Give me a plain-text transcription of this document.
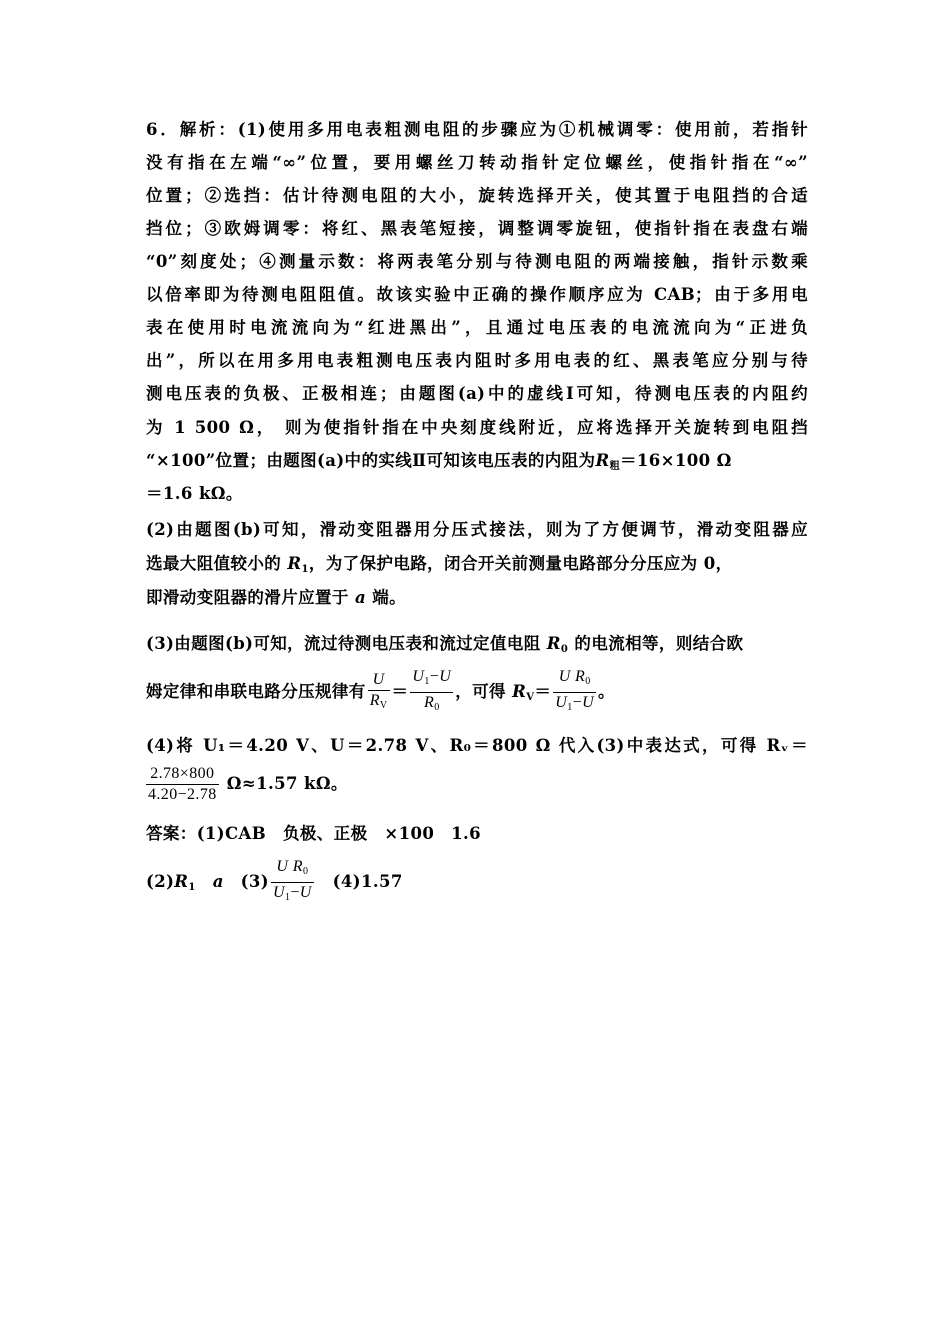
6．解析：(1)使用多用电表粗测电阻的步骤应为①机械调零：使用前，若指针
没有指在左端“∞”位置，要用螺丝刀转动指针定位螺丝，使指针指在“∞”
位置；②选挡：估计待测电阻的大小，旋转选择开关，使其置于电阻挡的合适
挡位；③欧姆调零：将红、黑表笔短接，调整调零旋钮，使指针指在表盘右端
“0”刻度处；④测量示数：将两表笔分别与待测电阻的两端接触，指针示数乘
以倍率即为待测电阻阻值。故该实验中正确的操作顺序应为 CAB；由于多用电
表在使用时电流流向为“红进黑出”，且通过电压表的电流流向为“正进负
出”，所以在用多用电表粗测电压表内阻时多用电表的红、黑表笔应分别与待
测电压表的负极、正极相连；由题图(a)中的虚线Ⅰ可知，待测电压表的内阻约
为 1 500 Ω， 则为使指针指在中央刻度线附近，应将选择开关旋转到电阻挡
“×100”位置；由题图(a)中的实线Ⅱ可知该电压表的内阻为$R_粗=16\times 100$ Ω
＝1.6 kΩ。
(2)由题图(b)可知，滑动变阻器用分压式接法，则为了方便调节，滑动变阻器应
选最大阻值较小的 $R_1$，为了保护电路，闭合开关前测量电路部分分压应为 0，
即滑动变阻器的滑片应置于 a 端。
(3)由题图(b)可知，流过待测电压表和流过定值电阻 $R_0$ 的电流相等，则结合欧
姆定律和串联电路分压规律有 $\frac{U}{RV} = \frac{U1-U}{R0}$ ，可得 $R_V= \frac{\text{U R0}}{U1-U}$ 。
(4)将 U₁＝4.20 V、U＝2.78 V、R₀＝800 Ω 代入(3)中表达式，可得 Rᵥ＝
$\frac{2.78\times 800}{4.20-2.78} \Omega\approx 1.57$ kΩ。
答案：(1)CAB　负极、正极　×100　1.6
$(2)R_1$　 a　$(3) \frac{\text{U R0}}{U1-U}$ 　(4)1.57
